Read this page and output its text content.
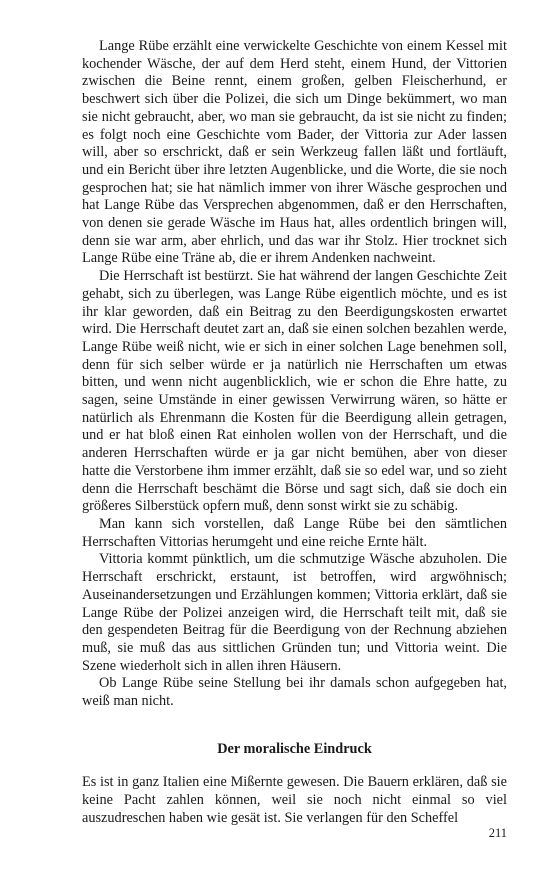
Lange Rübe erzählt eine verwickelte Geschichte von einem Kessel mit kochender Wäsche, der auf dem Herd steht, einem Hund, der Vittorien zwischen die Beine rennt, einem großen, gelben Fleischerhund, er beschwert sich über die Polizei, die sich um Dinge bekümmert, wo man sie nicht gebraucht, aber, wo man sie gebraucht, da ist sie nicht zu finden; es folgt noch eine Geschichte vom Bader, der Vittoria zur Ader lassen will, aber so erschrickt, daß er sein Werkzeug fallen läßt und fortläuft, und ein Bericht über ihre letzten Augenblicke, und die Worte, die sie noch gesprochen hat; sie hat nämlich immer von ihrer Wäsche gesprochen und hat Lange Rübe das Versprechen abgenommen, daß er den Herrschaften, von denen sie gerade Wäsche im Haus hat, alles ordentlich bringen will, denn sie war arm, aber ehrlich, und das war ihr Stolz. Hier trocknet sich Lange Rübe eine Träne ab, die er ihrem Andenken nachweint.

Die Herrschaft ist bestürzt. Sie hat während der langen Geschichte Zeit gehabt, sich zu überlegen, was Lange Rübe eigentlich möchte, und es ist ihr klar geworden, daß ein Beitrag zu den Beerdigungskosten erwartet wird. Die Herrschaft deutet zart an, daß sie einen solchen bezahlen werde, Lange Rübe weiß nicht, wie er sich in einer solchen Lage benehmen soll, denn für sich selber würde er ja natürlich nie Herrschaften um etwas bitten, und wenn nicht augenblicklich, wie er schon die Ehre hatte, zu sagen, seine Umstände in einer gewissen Verwirrung wären, so hätte er natürlich als Ehrenmann die Kosten für die Beerdigung allein getragen, und er hat bloß einen Rat einholen wollen von der Herrschaft, und die anderen Herrschaften würde er ja gar nicht bemühen, aber von dieser hatte die Verstorbene ihm immer erzählt, daß sie so edel war, und so zieht denn die Herrschaft beschämt die Börse und sagt sich, daß sie doch ein größeres Silberstück opfern muß, denn sonst wirkt sie zu schäbig.

Man kann sich vorstellen, daß Lange Rübe bei den sämtlichen Herrschaften Vittorias herumgeht und eine reiche Ernte hält.

Vittoria kommt pünktlich, um die schmutzige Wäsche abzuholen. Die Herrschaft erschrickt, erstaunt, ist betroffen, wird argwöhnisch; Auseinandersetzungen und Erzählungen kommen; Vittoria erklärt, daß sie Lange Rübe der Polizei anzeigen wird, die Herrschaft teilt mit, daß sie den gespendeten Beitrag für die Beerdigung von der Rechnung abziehen muß, sie muß das aus sittlichen Gründen tun; und Vittoria weint. Die Szene wiederholt sich in allen ihren Häusern.

Ob Lange Rübe seine Stellung bei ihr damals schon aufgegeben hat, weiß man nicht.

Der moralische Eindruck

Es ist in ganz Italien eine Mißernte gewesen. Die Bauern erklären, daß sie keine Pacht zahlen können, weil sie noch nicht einmal so viel auszudreschen haben wie gesät ist. Sie verlangen für den Scheffel

211
